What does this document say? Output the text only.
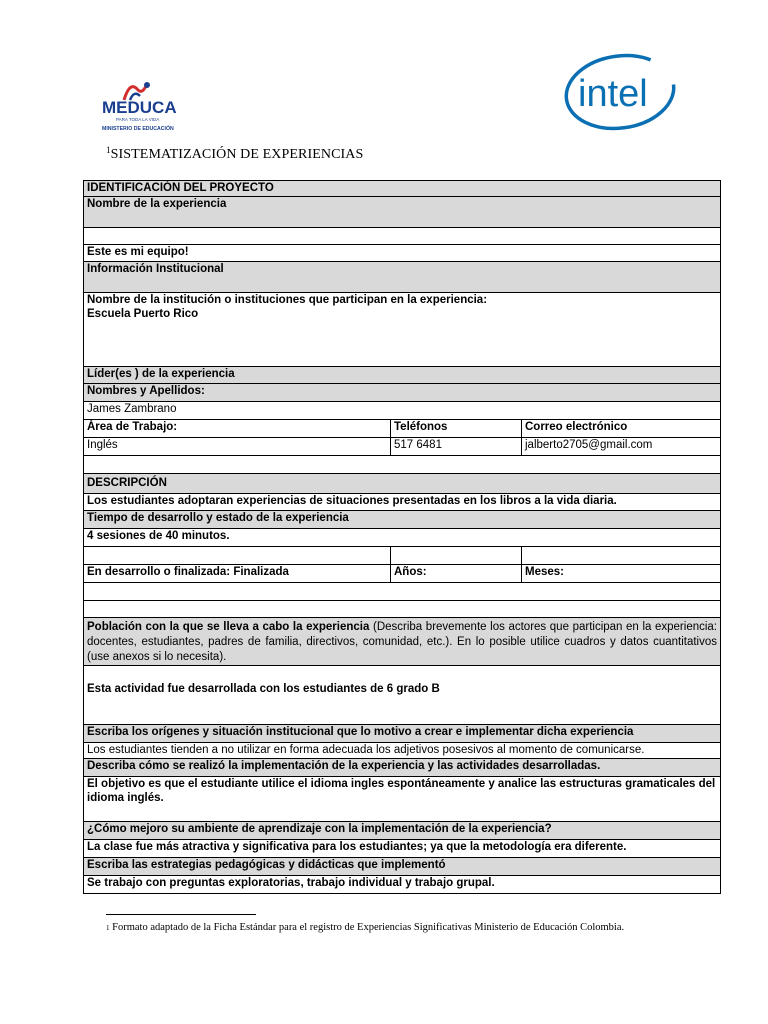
MEDUCA
PARA TODA LA VIDA
MINISTERIO DE EDUCACIÓN
intel
$^1$SISTEMATIZACIÓN DE EXPERIENCIAS
IDENTIFICACIÓN DEL PROYECTO		
Nombre de la experiencia		

Este es mi equipo!		
Información Institucional		

Nombre de la institución o instituciones que participan en la experiencia:
Escuela Puerto Rico		

Líder(es ) de la experiencia		
Nombres y Apellidos:		
James Zambrano		
Área de Trabajo:	Teléfonos	Correo electrónico
Inglés	517 6481	jalberto2705@gmail.com

DESCRIPCIÓN		
Los estudiantes adoptaran experiencias de situaciones presentadas en los libros a la vida diaria.		
Tiempo de desarrollo y estado de la experiencia		
4 sesiones de 40 minutos.		

En desarrollo o finalizada: Finalizada	Años:	Meses:

Población con la que se lleva a cabo la experiencia (Describa brevemente los actores que participan en la experiencia: docentes, estudiantes, padres de familia, directivos, comunidad, etc.). En lo posible utilice cuadros y datos cuantitativos (use anexos si lo necesita).		
Esta actividad fue desarrollada con los estudiantes de 6 grado B		
Escriba los orígenes y situación institucional que lo motivo a crear e implementar dicha experiencia		
Los estudiantes tienden a no utilizar en forma adecuada los adjetivos posesivos al momento de comunicarse.		
Describa cómo se realizó la implementación de la experiencia y las actividades desarrolladas.		
El objetivo es que el estudiante utilice el idioma ingles espontáneamente y analice las estructuras gramaticales del idioma inglés.		
¿Cómo mejoro su ambiente de aprendizaje con la implementación de la experiencia?		
La clase fue más atractiva y significativa para los estudiantes; ya que la metodología era diferente.		
Escriba las estrategias pedagógicas y didácticas que implementó		
Se trabajo con preguntas exploratorias, trabajo individual y trabajo grupal.		
$^1$ Formato adaptado de la Ficha Estándar para el registro de Experiencias Significativas Ministerio de Educación Colombia.
